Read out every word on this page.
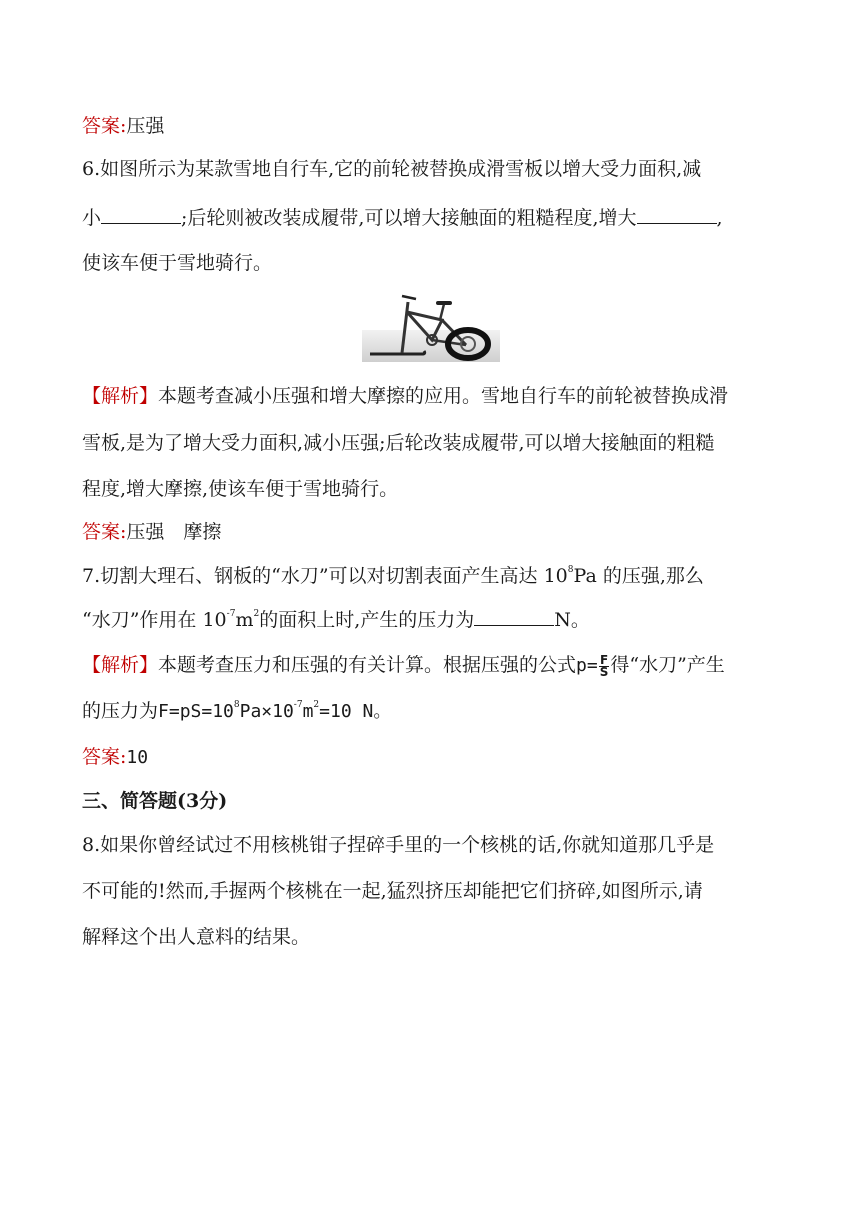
答案:压强
6.如图所示为某款雪地自行车,它的前轮被替换成滑雪板以增大受力面积,减
小	;后轮则被改装成履带,可以增大接触面的粗糙程度,增大	,
使该车便于雪地骑行。
【解析】本题考查减小压强和增大摩擦的应用。雪地自行车的前轮被替换成滑
雪板,是为了增大受力面积,减小压强;后轮改装成履带,可以增大接触面的粗糙
程度,增大摩擦,使该车便于雪地骑行。
答案:压强　摩擦
7.切割大理石、钢板的“水刀”可以对切割表面产生高达 $10^8Pa$ 的压强,那么
“水刀”作用在 $10^{-7}m^2$的面积上时,产生的压力为	N。
【解析】本题考查压力和压强的有关计算。根据压强的公式$p= \frac{F}{S}$ 得“水刀”产生
的压力为$F=pS=10^8Pa\times 10^{-7}m^2=10$ N。
答案:10
三、简答题(3分)
8.如果你曾经试过不用核桃钳子捏碎手里的一个核桃的话,你就知道那几乎是
不可能的!然而,手握两个核桃在一起,猛烈挤压却能把它们挤碎,如图所示,请
解释这个出人意料的结果。
